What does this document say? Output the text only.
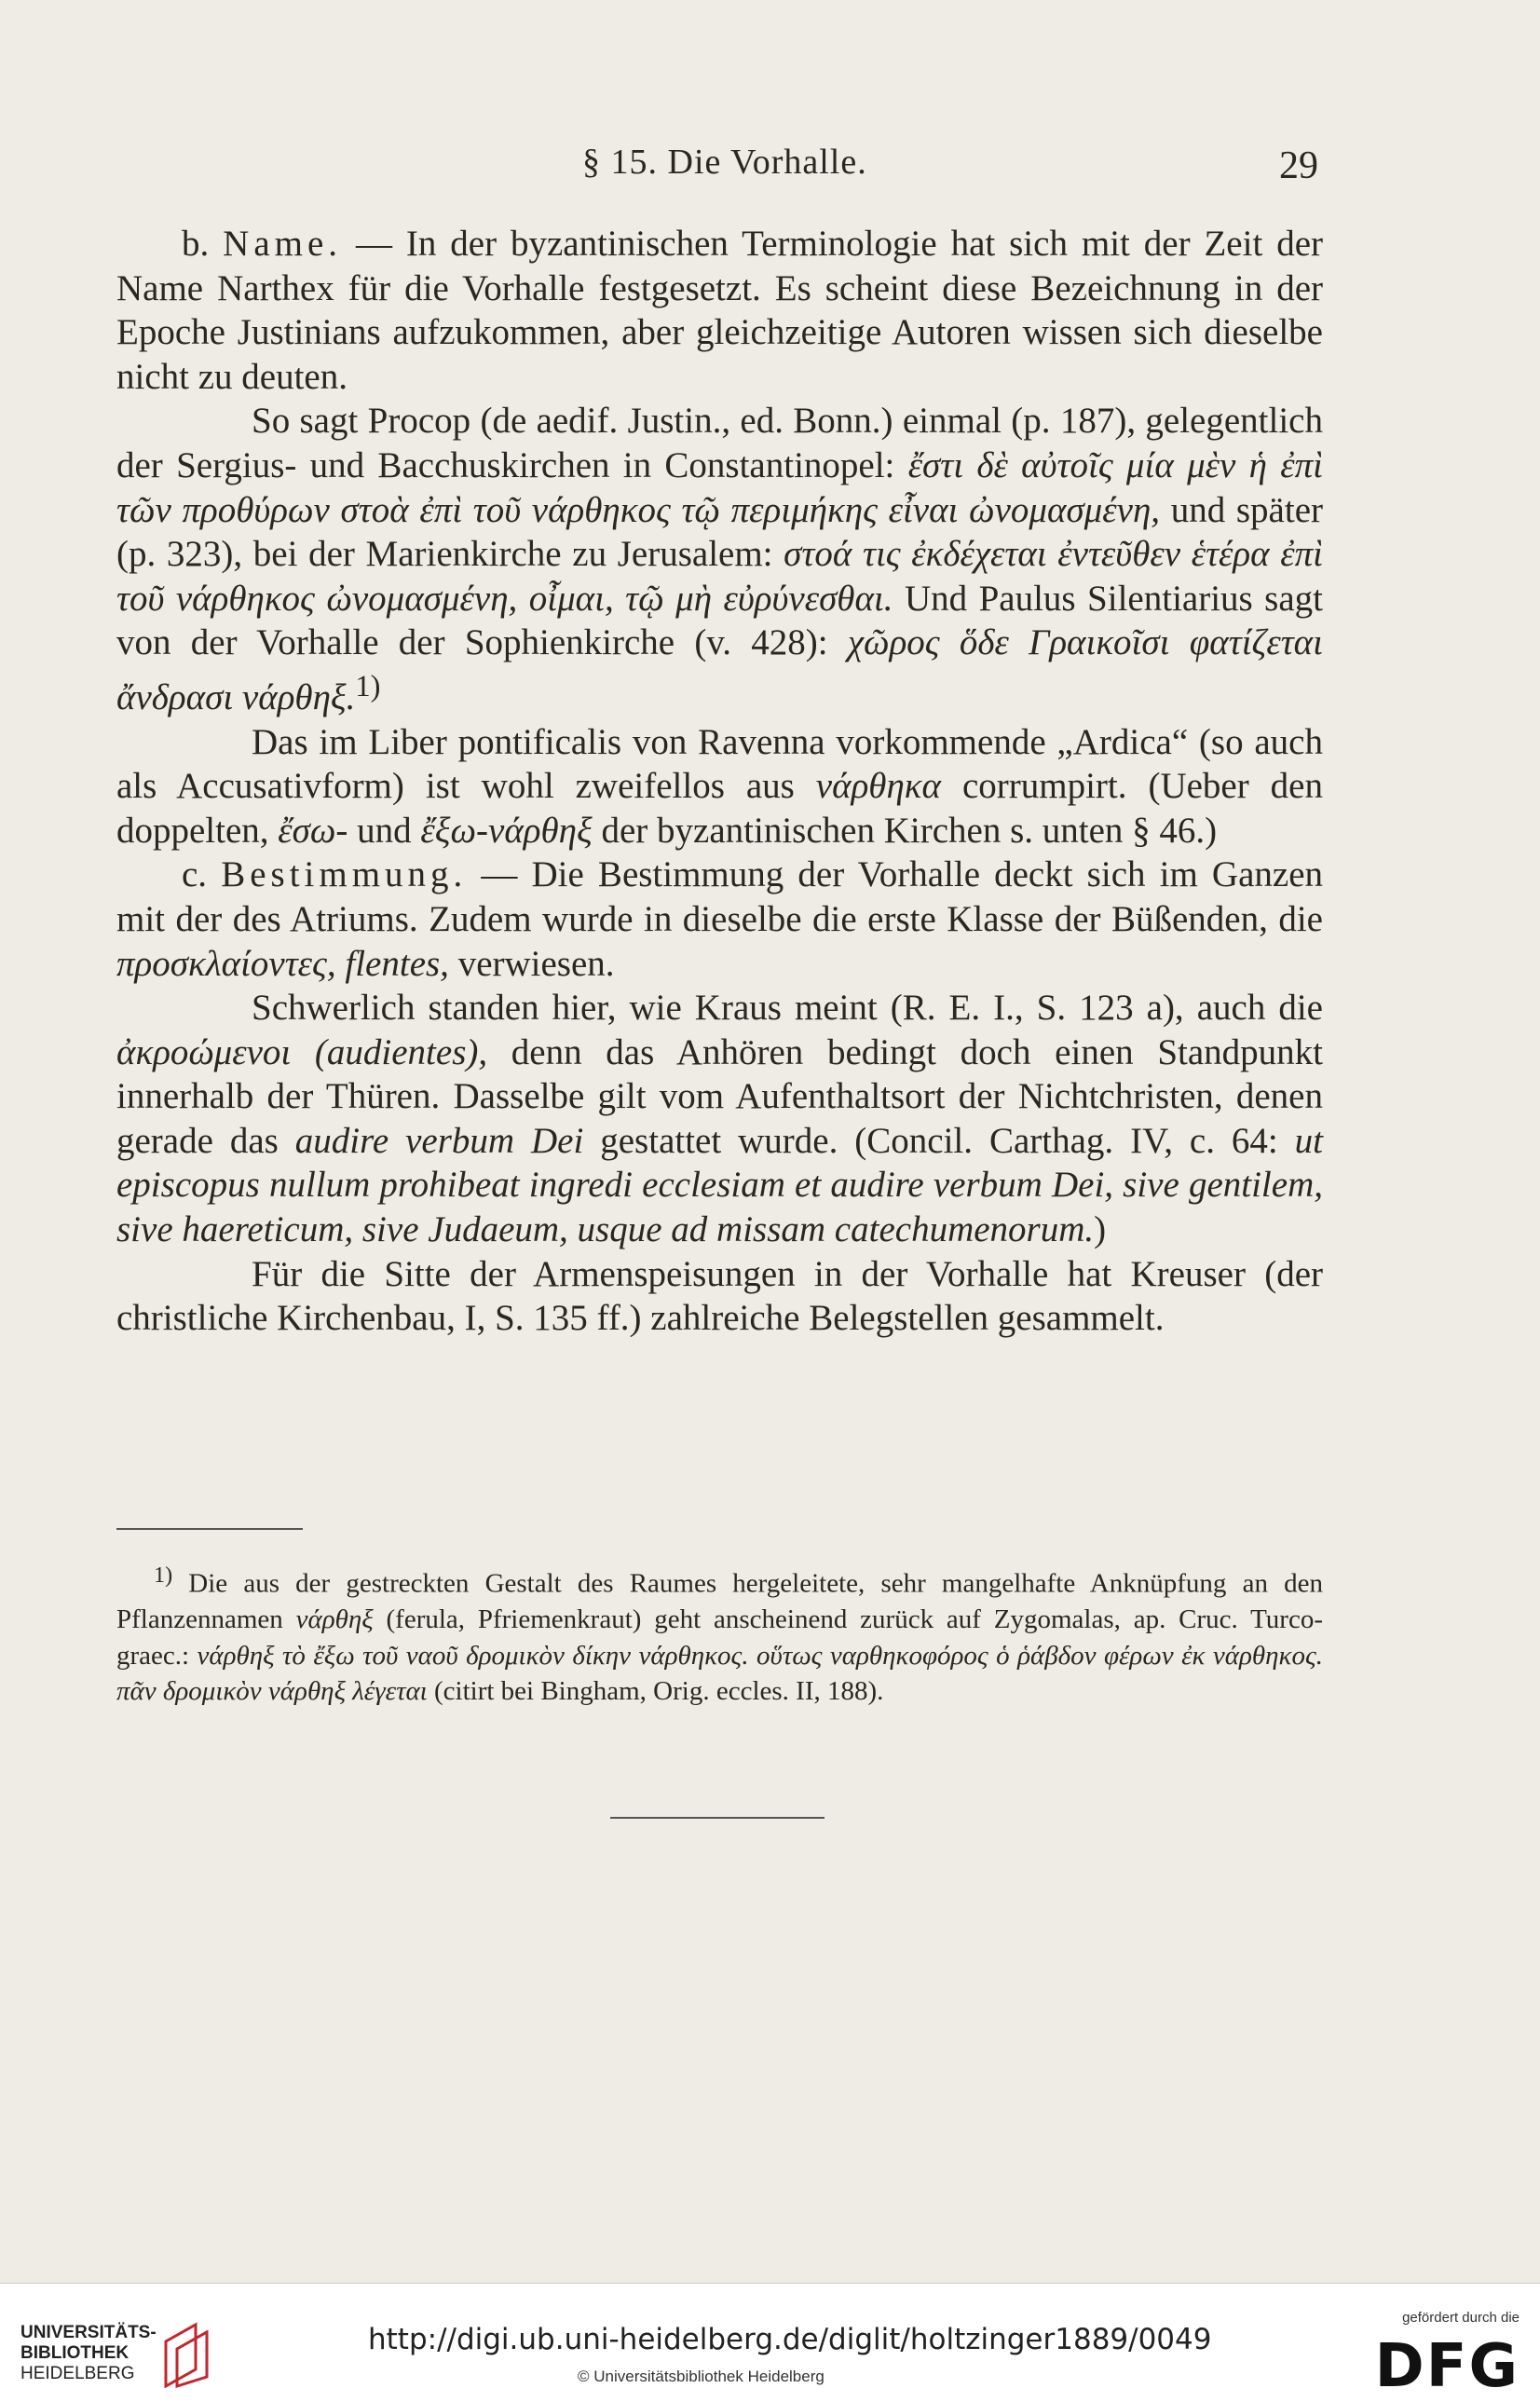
§ 15. Die Vorhalle.	29

b. Name. — In der byzantinischen Terminologie hat sich mit der Zeit der Name Narthex für die Vorhalle festgesetzt. Es scheint diese Bezeichnung in der Epoche Justinians aufzukommen, aber gleichzeitige Autoren wissen sich dieselbe nicht zu deuten.

So sagt Procop (de aedif. Justin., ed. Bonn.) einmal (p. 187), gelegentlich der Sergius- und Bacchuskirchen in Constantinopel: ἔστι δὲ αὐτοῖς μία μὲν ἡ ἐπὶ τῶν προθύρων στοὰ ἐπὶ τοῦ νάρθηκος τῷ περιμήκης εἶναι ὠνομασμένη, und später (p. 323), bei der Marienkirche zu Jerusalem: στοά τις ἐκδέχεται ἐντεῦθεν ἑτέρα ἐπὶ τοῦ νάρθηκος ὠνομασμένη, οἶμαι, τῷ μὴ εὐρύνεσθαι. Und Paulus Silentiarius sagt von der Vorhalle der Sophienkirche (v. 428): χῶρος ὅδε Γραικοῖσι φατίζεται ἄνδρασι νάρθηξ.$^{1)}$

Das im Liber pontificalis von Ravenna vorkommende „Ardica“ (so auch als Accusativform) ist wohl zweifellos aus νάρθηκα corrumpirt. (Ueber den doppelten, ἔσω- und ἔξω-νάρθηξ der byzantinischen Kirchen s. unten § 46.)

c. Bestimmung. — Die Bestimmung der Vorhalle deckt sich im Ganzen mit der des Atriums. Zudem wurde in dieselbe die erste Klasse der Büßenden, die προσκλαίοντες, flentes, verwiesen.

Schwerlich standen hier, wie Kraus meint (R. E. I., S. 123 a), auch die ἀκροώμενοι (audientes), denn das Anhören bedingt doch einen Standpunkt innerhalb der Thüren. Dasselbe gilt vom Aufenthaltsort der Nichtchristen, denen gerade das audire verbum Dei gestattet wurde. (Concil. Carthag. IV, c. 64: ut episcopus nullum prohibeat ingredi ecclesiam et audire verbum Dei, sive gentilem, sive haereticum, sive Judaeum, usque ad missam catechumenorum.)

Für die Sitte der Armenspeisungen in der Vorhalle hat Kreuser (der christliche Kirchenbau, I, S. 135 ff.) zahlreiche Belegstellen gesammelt.

$^{1)}$ Die aus der gestreckten Gestalt des Raumes hergeleitete, sehr mangelhafte Anknüpfung an den Pflanzennamen νάρθηξ (ferula, Pfriemenkraut) geht anscheinend zurück auf Zygomalas, ap. Cruc. Turco-graec.: νάρθηξ τὸ ἔξω τοῦ ναοῦ δρομικὸν δίκην νάρθηκος. οὕτως ναρθηκοφόρος ὁ ῥάβδον φέρων ἐκ νάρθηκος. πᾶν δρομικὸν νάρθηξ λέγεται (citirt bei Bingham, Orig. eccles. II, 188).

UNIVERSITÄTS-
BIBLIOTHEK
HEIDELBERG
http://digi.ub.uni-heidelberg.de/diglit/holtzinger1889/0049
© Universitätsbibliothek Heidelberg
gefördert durch die
DFG
